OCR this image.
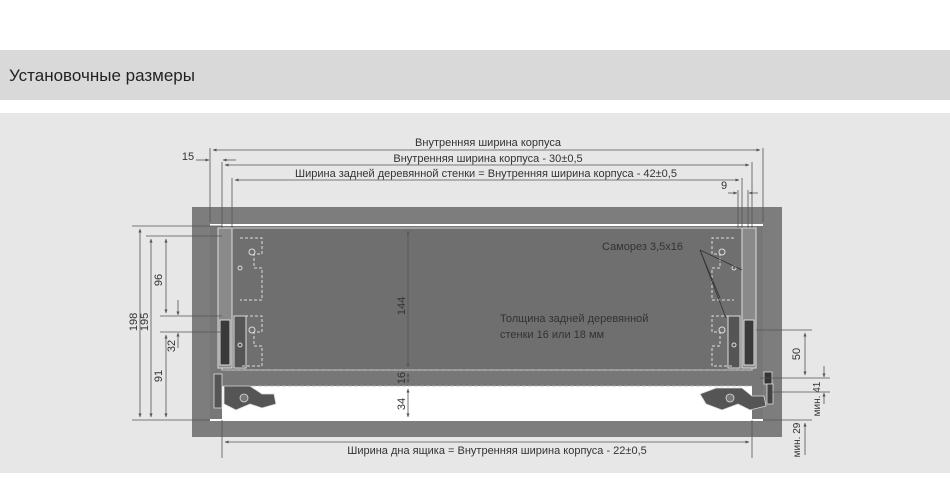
Установочные размеры
Внутренняя ширина корпуса
Внутренняя ширина корпуса - 30±0,5
Ширина задней деревянной стенки = Внутренняя ширина корпуса - 42±0,5
15
9
Саморез 3,5x16
Толщина задней деревянной
стенки 16 или 18 мм
Ширина дна ящика = Внутренняя ширина корпуса - 22±0,5
198 195
96
32
91
144
16
34
50
мин. 41
мин. 29
